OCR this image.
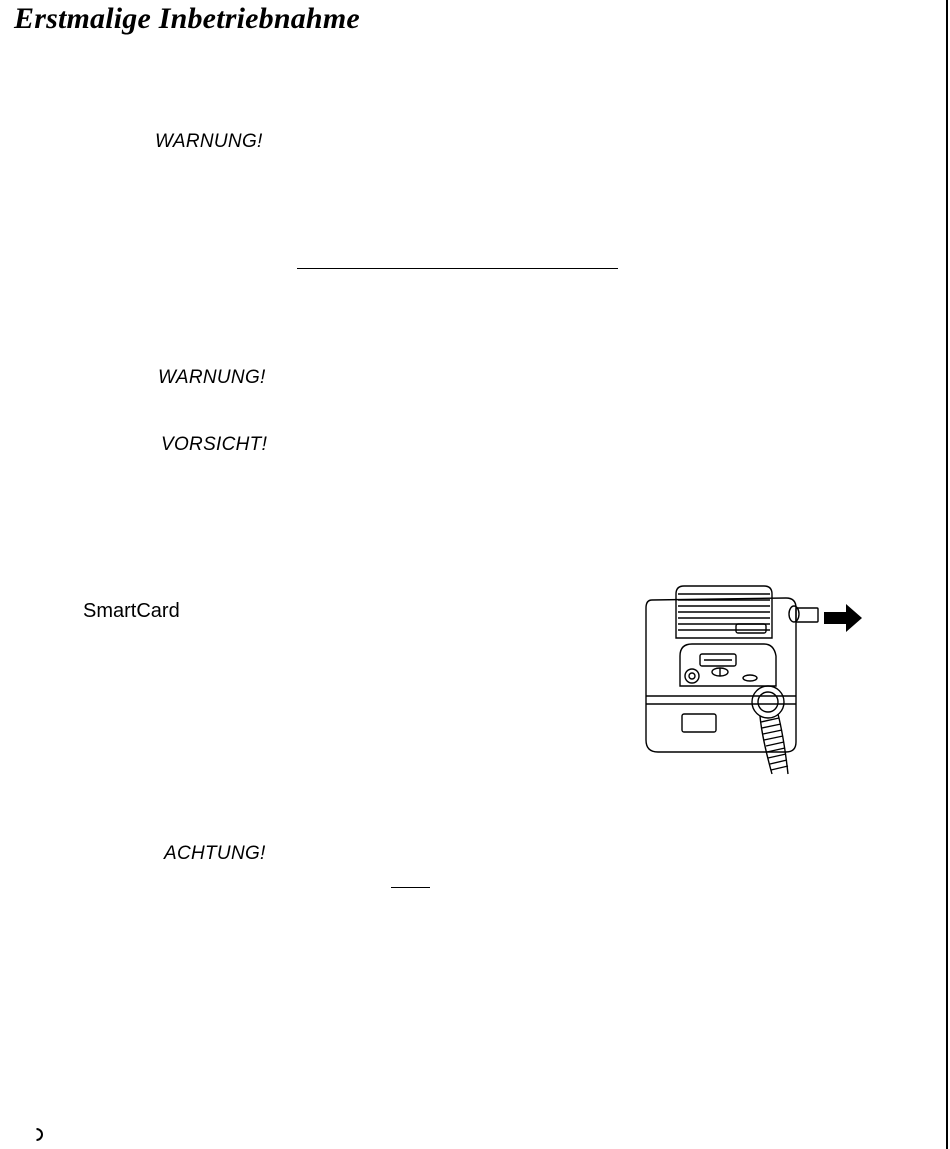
Erstmalige Inbetriebnahme
WARNUNG!
WARNUNG!
VORSICHT!
SmartCard
ACHTUNG!
